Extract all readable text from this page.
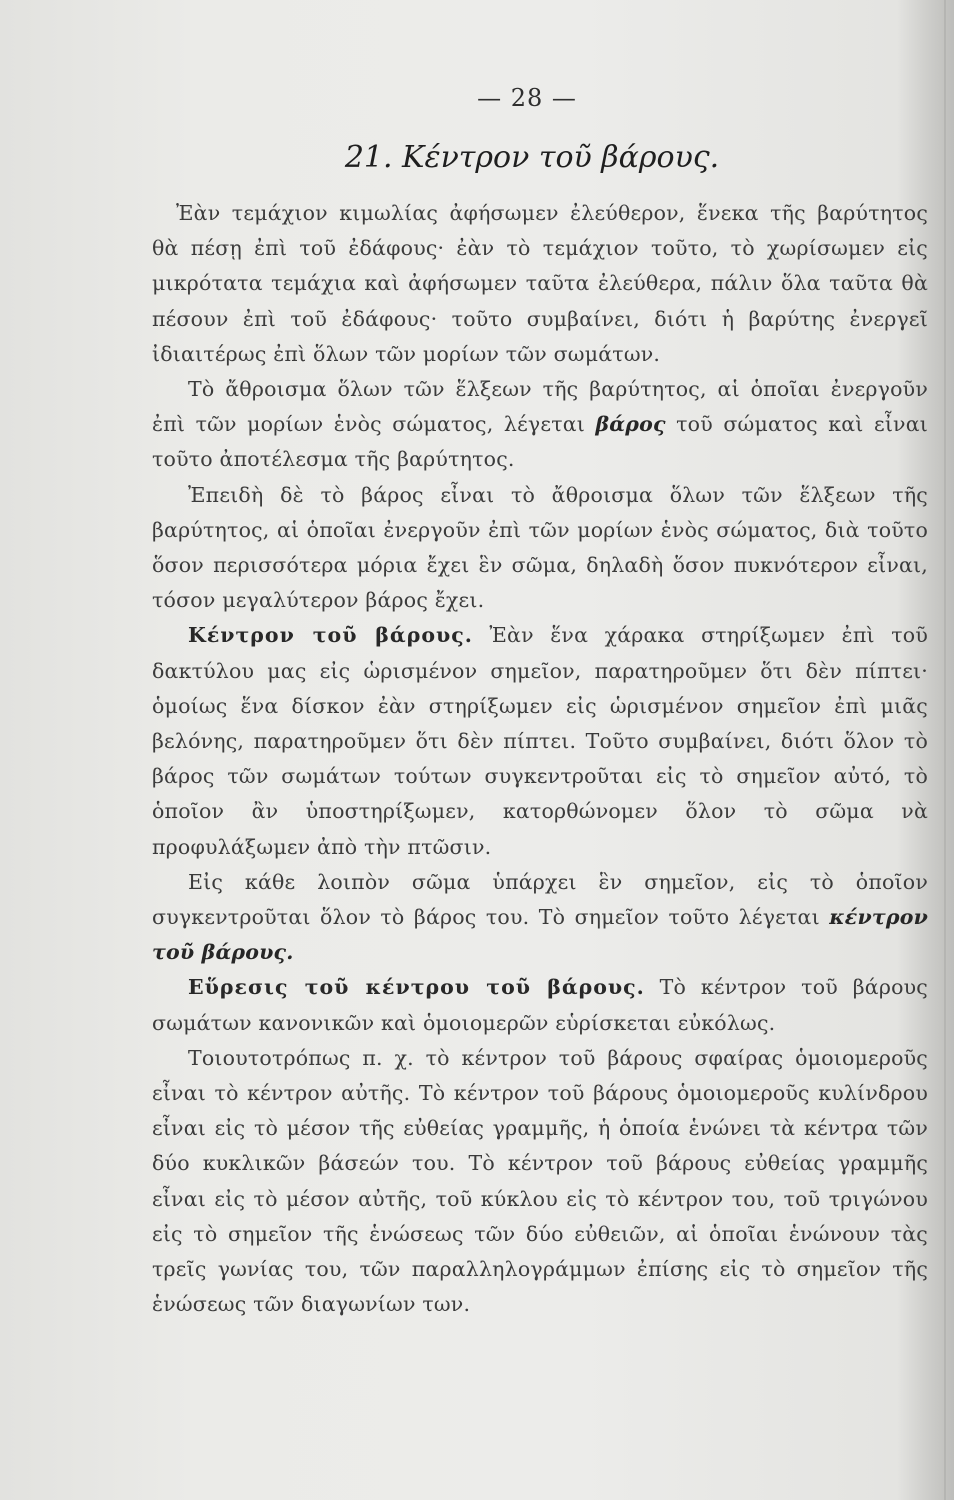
— 28 —
21. Κέντρον τοῦ βάρους.

Ἐὰν τεμάχιον κιμωλίας ἀφήσωμεν ἐλεύθερον, ἕνεκα τῆς βαρύτητος θὰ πέσῃ ἐπὶ τοῦ ἐδάφους· ἐὰν τὸ τεμάχιον τοῦτο, τὸ χωρίσωμεν εἰς μικρότατα τεμάχια καὶ ἀφήσωμεν ταῦτα ἐλεύθερα, πάλιν ὅλα ταῦτα θὰ πέσουν ἐπὶ τοῦ ἐδάφους· τοῦτο συμβαίνει, διότι ἡ βαρύτης ἐνεργεῖ ἰδιαιτέρως ἐπὶ ὅλων τῶν μορίων τῶν σωμάτων.

Τὸ ἄθροισμα ὅλων τῶν ἕλξεων τῆς βαρύτητος, αἱ ὁποῖαι ἐνεργοῦν ἐπὶ τῶν μορίων ἑνὸς σώματος, λέγεται βάρος τοῦ σώματος καὶ εἶναι τοῦτο ἀποτέλεσμα τῆς βαρύτητος.

Ἐπειδὴ δὲ τὸ βάρος εἶναι τὸ ἄθροισμα ὅλων τῶν ἕλξεων τῆς βαρύτητος, αἱ ὁποῖαι ἐνεργοῦν ἐπὶ τῶν μορίων ἑνὸς σώματος, διὰ τοῦτο ὅσον περισσότερα μόρια ἔχει ἓν σῶμα, δηλαδὴ ὅσον πυκνότερον εἶναι, τόσον μεγαλύτερον βάρος ἔχει.

Κέντρον τοῦ βάρους. Ἐὰν ἕνα χάρακα στηρίξωμεν ἐπὶ τοῦ δακτύλου μας εἰς ὡρισμένον σημεῖον, παρατηροῦμεν ὅτι δὲν πίπτει· ὁμοίως ἕνα δίσκον ἐὰν στηρίξωμεν εἰς ὡρισμένον σημεῖον ἐπὶ μιᾶς βελόνης, παρατηροῦμεν ὅτι δὲν πίπτει. Τοῦτο συμβαίνει, διότι ὅλον τὸ βάρος τῶν σωμάτων τούτων συγκεντροῦται εἰς τὸ σημεῖον αὐτό, τὸ ὁποῖον ἂν ὑποστηρίξωμεν, κατορθώνομεν ὅλον τὸ σῶμα νὰ προφυλάξωμεν ἀπὸ τὴν πτῶσιν.

Εἰς κάθε λοιπὸν σῶμα ὑπάρχει ἓν σημεῖον, εἰς τὸ ὁποῖον συγκεντροῦται ὅλον τὸ βάρος του. Τὸ σημεῖον τοῦτο λέγεται κέντρον τοῦ βάρους.

Εὕρεσις τοῦ κέντρου τοῦ βάρους. Τὸ κέντρον τοῦ βάρους σωμάτων κανονικῶν καὶ ὁμοιομερῶν εὑρίσκεται εὐκόλως.

Τοιουτοτρόπως π. χ. τὸ κέντρον τοῦ βάρους σφαίρας ὁμοιομεροῦς εἶναι τὸ κέντρον αὐτῆς. Τὸ κέντρον τοῦ βάρους ὁμοιομεροῦς κυλίνδρου εἶναι εἰς τὸ μέσον τῆς εὐθείας γραμμῆς, ἡ ὁποία ἑνώνει τὰ κέντρα τῶν δύο κυκλικῶν βάσεών του. Τὸ κέντρον τοῦ βάρους εὐθείας γραμμῆς εἶναι εἰς τὸ μέσον αὐτῆς, τοῦ κύκλου εἰς τὸ κέντρον του, τοῦ τριγώνου εἰς τὸ σημεῖον τῆς ἑνώσεως τῶν δύο εὐθειῶν, αἱ ὁποῖαι ἑνώνουν τὰς τρεῖς γωνίας του, τῶν παραλληλογράμμων ἐπίσης εἰς τὸ σημεῖον τῆς ἑνώσεως τῶν διαγωνίων των.
